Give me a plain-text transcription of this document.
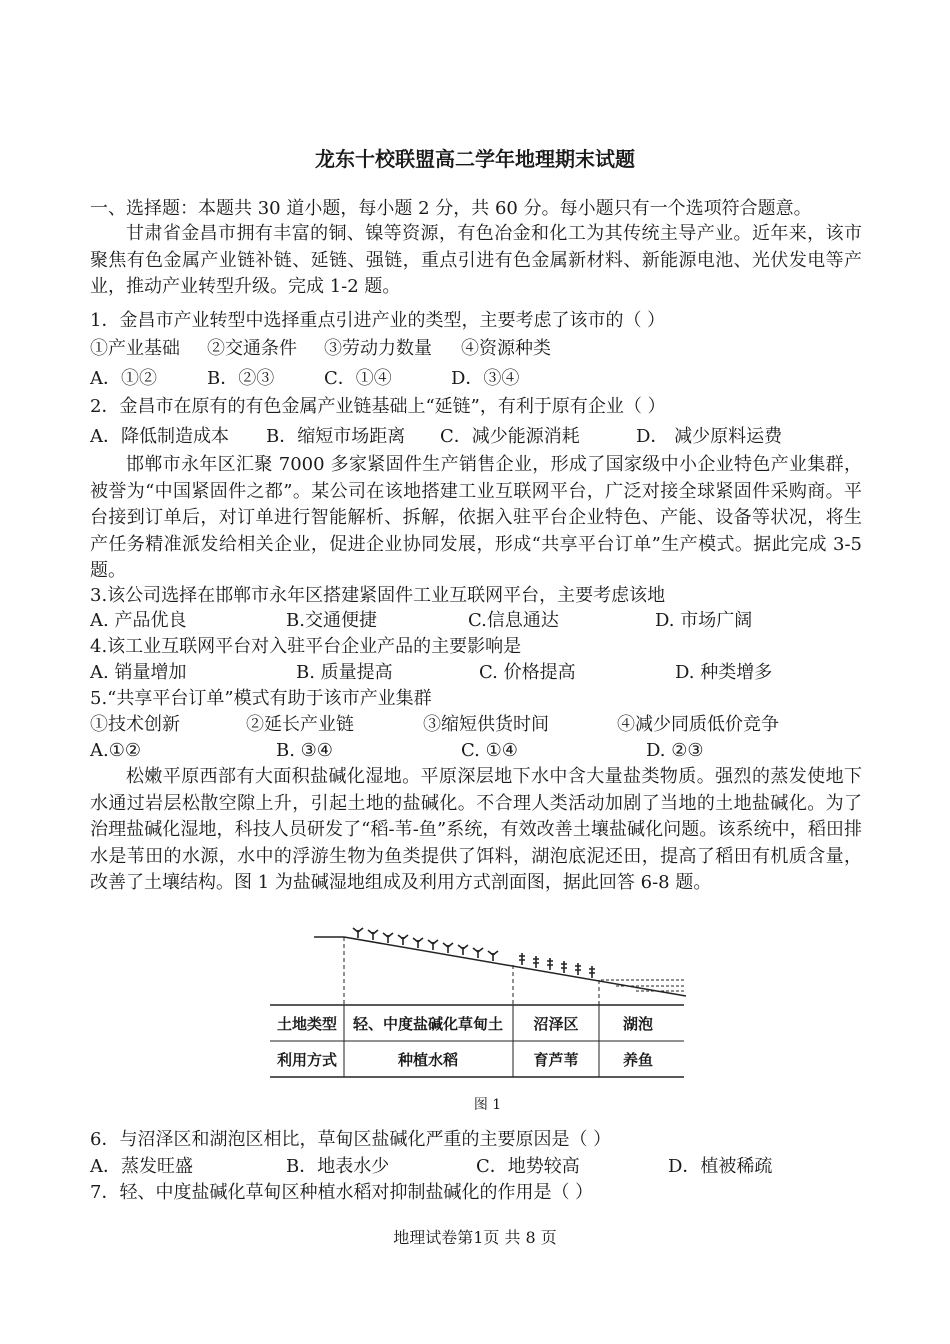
龙东十校联盟高二学年地理期末试题
一、选择题：本题共 30 道小题，每小题 2 分，共 60 分。每小题只有一个选项符合题意。
甘肃省金昌市拥有丰富的铜、镍等资源，有色冶金和化工为其传统主导产业。近年来，该市聚焦有色金属产业链补链、延链、强链，重点引进有色金属新材料、新能源电池、光伏发电等产业，推动产业转型升级。完成 1-2 题。
1．金昌市产业转型中选择重点引进产业的类型，主要考虑了该市的（ ）
①产业基础 ②交通条件 ③劳动力数量 ④资源种类
A．①②	B．②③	C．①④	D．③④
2．金昌市在原有的有色金属产业链基础上“延链”，有利于原有企业（ ）
A．降低制造成本 B．缩短市场距离 C．减少能源消耗	D． 减少原料运费
邯郸市永年区汇聚 7000 多家紧固件生产销售企业，形成了国家级中小企业特色产业集群，被誉为“中国紧固件之都”。某公司在该地搭建工业互联网平台，广泛对接全球紧固件采购商。平台接到订单后，对订单进行智能解析、拆解，依据入驻平台企业特色、产能、设备等状况，将生产任务精准派发给相关企业，促进企业协同发展，形成“共享平台订单”生产模式。据此完成 3-5 题。
3.该公司选择在邯郸市永年区搭建紧固件工业互联网平台，主要考虑该地
A. 产品优良	B.交通便捷	C.信息通达	D. 市场广阔
4.该工业互联网平台对入驻平台企业产品的主要影响是
A. 销量增加	B. 质量提高	C. 价格提高	D. 种类增多
5.“共享平台订单”模式有助于该市产业集群
①技术创新	②延长产业链	③缩短供货时间	④减少同质低价竞争
A.①②	B. ③④	C. ①④	D. ②③
松嫩平原西部有大面积盐碱化湿地。平原深层地下水中含大量盐类物质。强烈的蒸发使地下水通过岩层松散空隙上升，引起土地的盐碱化。不合理人类活动加剧了当地的土地盐碱化。为了治理盐碱化湿地，科技人员研发了“稻-苇-鱼”系统，有效改善土壤盐碱化问题。该系统中，稻田排水是苇田的水源，水中的浮游生物为鱼类提供了饵料，湖泡底泥还田，提高了稻田有机质含量，改善了土壤结构。图 1 为盐碱湿地组成及利用方式剖面图，据此回答 6-8 题。
土地类型 轻、中度盐碱化草甸土 沼泽区	湖泡
利用方式	种植水稻	育芦苇	养鱼
图 1
6．与沼泽区和湖泡区相比，草甸区盐碱化严重的主要原因是（ ）
A．蒸发旺盛	B．地表水少	C．地势较高	D．植被稀疏
7．轻、中度盐碱化草甸区种植水稻对抑制盐碱化的作用是（ ）
地理试卷第1页 共 8 页
